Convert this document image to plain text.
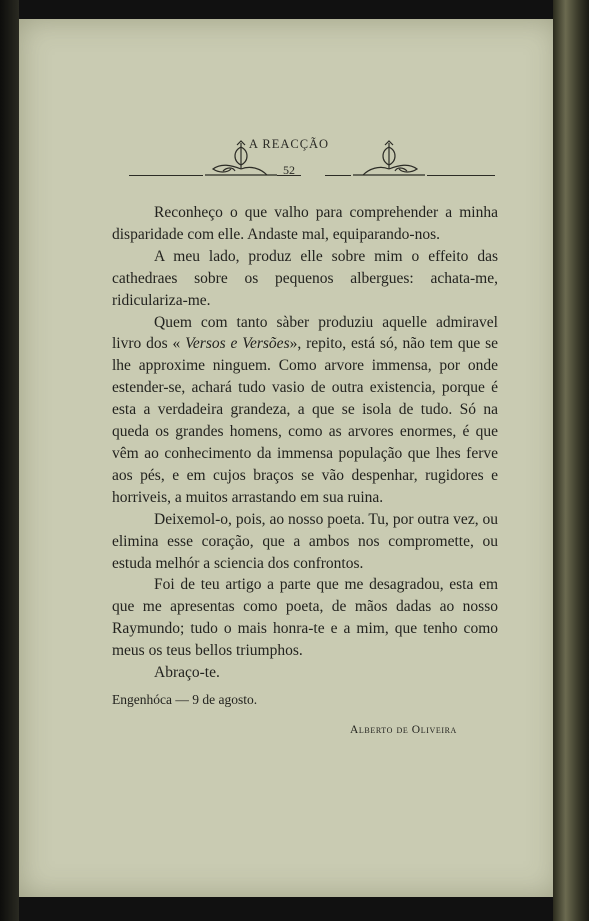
A REACÇÃO
52

Reconheço o que valho para comprehender a minha disparidade com elle. Andaste mal, equiparando-nos.

A meu lado, produz elle sobre mim o effeito das cathedraes sobre os pequenos albergues: achata-me, ridiculariza-me.

Quem com tanto sàber produziu aquelle admiravel livro dos « Versos e Versões», repito, está só, não tem que se lhe approxime ninguem. Como arvore immensa, por onde estender-se, achará tudo vasio de outra existencia, porque é esta a verdadeira grandeza, a que se isola de tudo. Só na queda os grandes homens, como as arvores enormes, é que vêm ao conhecimento da immensa população que lhes ferve aos pés, e em cujos braços se vão despenhar, rugidores e horriveis, a muitos arrastando em sua ruina.

Deixemol-o, pois, ao nosso poeta. Tu, por outra vez, ou elimina esse coração, que a ambos nos compromette, ou estuda melhór a sciencia dos confrontos.

Foi de teu artigo a parte que me desagradou, esta em que me apresentas como poeta, de mãos dadas ao nosso Raymundo; tudo o mais honra-te e a mim, que tenho como meus os teus bellos triumphos.

Abraço-te.

Engenhóca — 9 de agosto.
Alberto de Oliveira
